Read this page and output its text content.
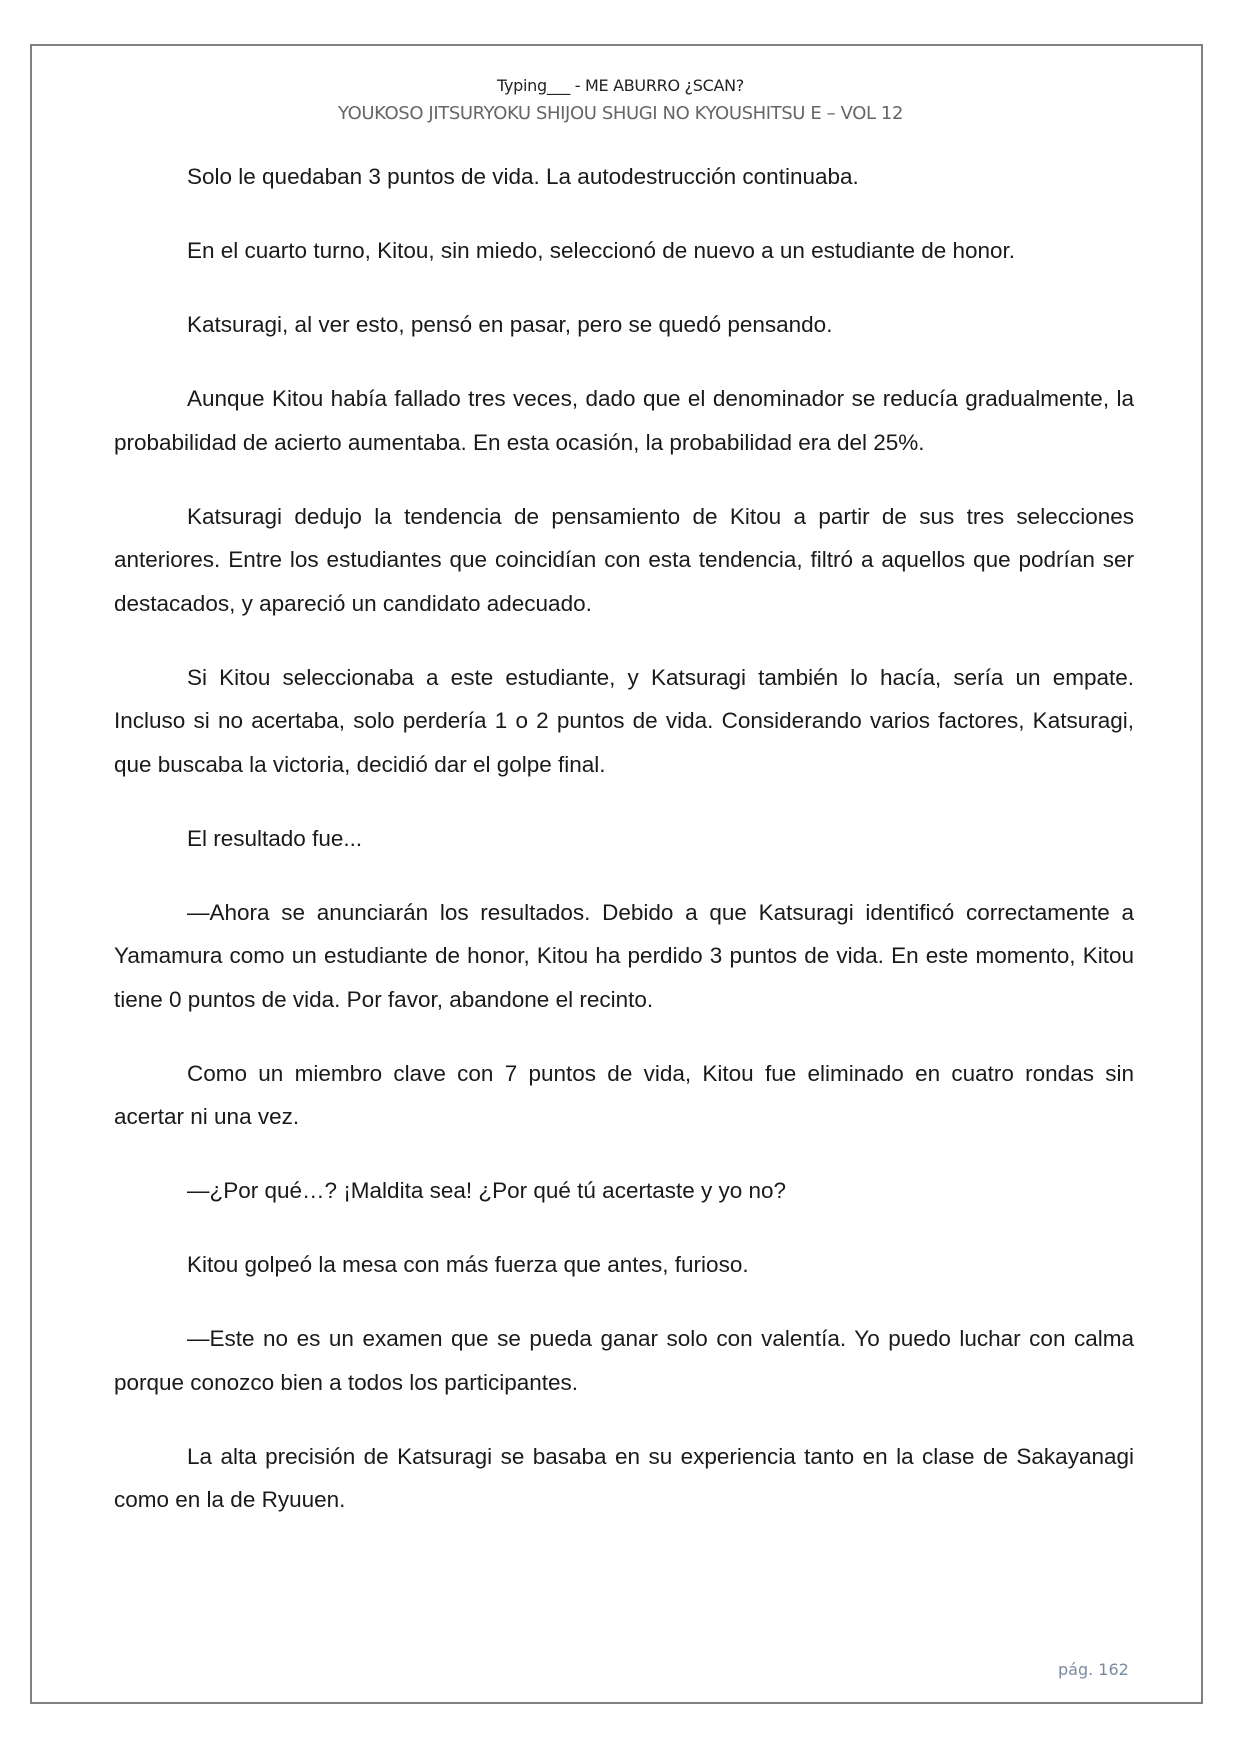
Typing___ - ME ABURRO ¿SCAN?
YOUKOSO JITSURYOKU SHIJOU SHUGI NO KYOUSHITSU E – VOL 12

Solo le quedaban 3 puntos de vida. La autodestrucción continuaba.

En el cuarto turno, Kitou, sin miedo, seleccionó de nuevo a un estudiante de honor.

Katsuragi, al ver esto, pensó en pasar, pero se quedó pensando.

Aunque Kitou había fallado tres veces, dado que el denominador se reducía gradualmente, la probabilidad de acierto aumentaba. En esta ocasión, la probabilidad era del 25%.

Katsuragi dedujo la tendencia de pensamiento de Kitou a partir de sus tres selecciones anteriores. Entre los estudiantes que coincidían con esta tendencia, filtró a aquellos que podrían ser destacados, y apareció un candidato adecuado.

Si Kitou seleccionaba a este estudiante, y Katsuragi también lo hacía, sería un empate. Incluso si no acertaba, solo perdería 1 o 2 puntos de vida. Considerando varios factores, Katsuragi, que buscaba la victoria, decidió dar el golpe final.

El resultado fue...

—Ahora se anunciarán los resultados. Debido a que Katsuragi identificó correctamente a Yamamura como un estudiante de honor, Kitou ha perdido 3 puntos de vida. En este momento, Kitou tiene 0 puntos de vida. Por favor, abandone el recinto.

Como un miembro clave con 7 puntos de vida, Kitou fue eliminado en cuatro rondas sin acertar ni una vez.

—¿Por qué…? ¡Maldita sea! ¿Por qué tú acertaste y yo no?

Kitou golpeó la mesa con más fuerza que antes, furioso.

—Este no es un examen que se pueda ganar solo con valentía. Yo puedo luchar con calma porque conozco bien a todos los participantes.

La alta precisión de Katsuragi se basaba en su experiencia tanto en la clase de Sakayanagi como en la de Ryuuen.

pág. 162
